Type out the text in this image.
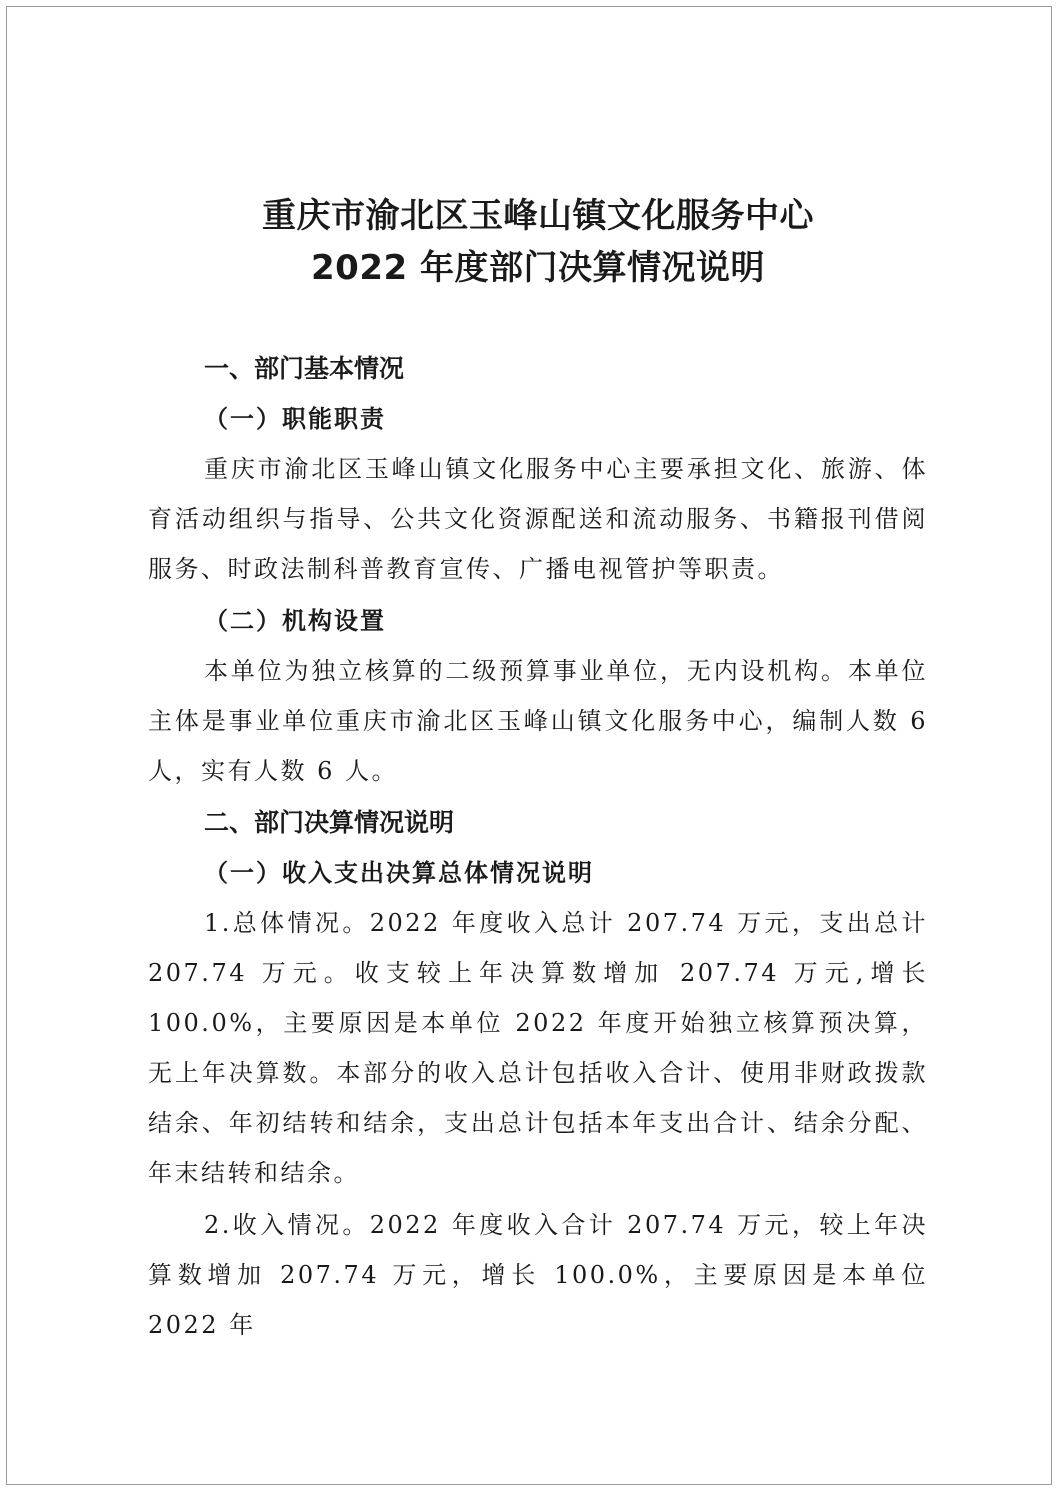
重庆市渝北区玉峰山镇文化服务中心
2022 年度部门决算情况说明
一、部门基本情况
（一）职能职责

重庆市渝北区玉峰山镇文化服务中心主要承担文化、旅游、体育活动组织与指导、公共文化资源配送和流动服务、书籍报刊借阅服务、时政法制科普教育宣传、广播电视管护等职责。

（二）机构设置

本单位为独立核算的二级预算事业单位，无内设机构。本单位主体是事业单位重庆市渝北区玉峰山镇文化服务中心，编制人数 6 人，实有人数 6 人。

二、部门决算情况说明
（一）收入支出决算总体情况说明

1.总体情况。2022 年度收入总计 207.74 万元，支出总计 207.74 万元。收支较上年决算数增加 207.74 万元,增长 100.0%，主要原因是本单位 2022 年度开始独立核算预决算，无上年决算数。本部分的收入总计包括收入合计、使用非财政拨款结余、年初结转和结余，支出总计包括本年支出合计、结余分配、年末结转和结余。

2.收入情况。2022 年度收入合计 207.74 万元，较上年决算数增加 207.74 万元，增长 100.0%，主要原因是本单位 2022 年
